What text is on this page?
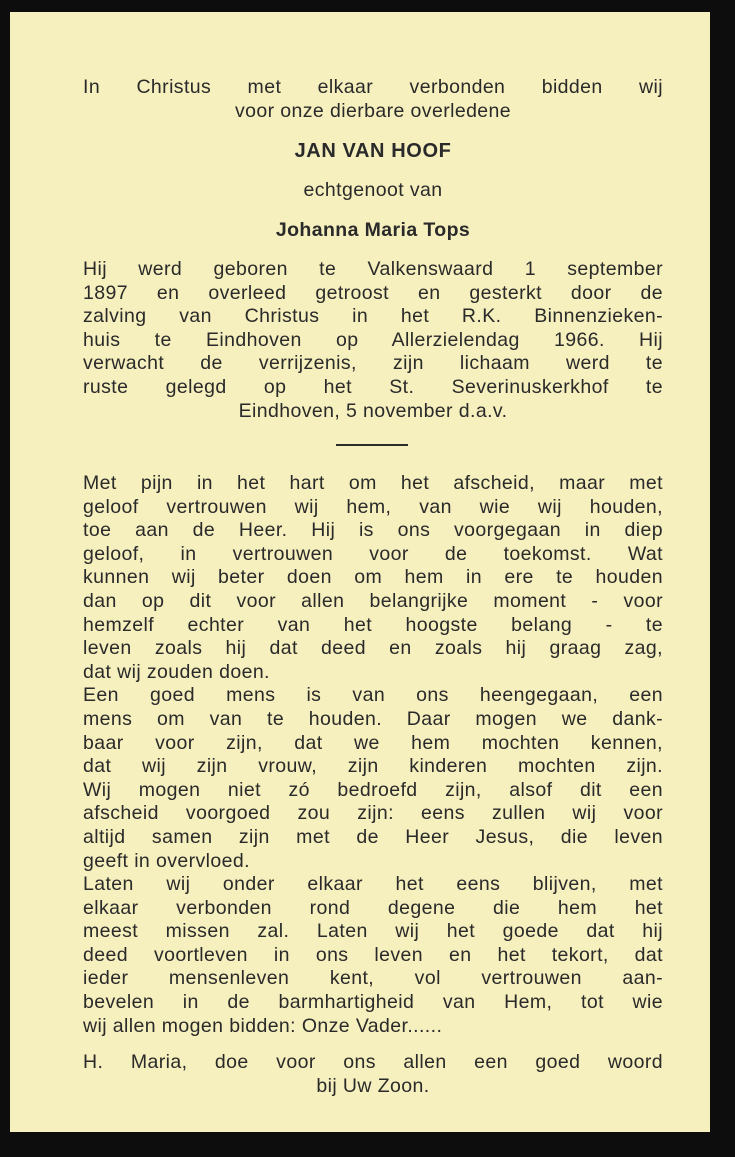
In Christus met elkaar verbonden bidden wij
voor onze dierbare overledene
JAN VAN HOOF
echtgenoot van
Johanna Maria Tops
Hij werd geboren te Valkenswaard 1 september
1897 en overleed getroost en gesterkt door de
zalving van Christus in het R.K. Binnenzieken-
huis te Eindhoven op Allerzielendag 1966. Hij
verwacht de verrijzenis, zijn lichaam werd te
ruste gelegd op het St. Severinuskerkhof te
Eindhoven, 5 november d.a.v.
Met pijn in het hart om het afscheid, maar met
geloof vertrouwen wij hem, van wie wij houden,
toe aan de Heer. Hij is ons voorgegaan in diep
geloof, in vertrouwen voor de toekomst. Wat
kunnen wij beter doen om hem in ere te houden
dan op dit voor allen belangrijke moment - voor
hemzelf echter van het hoogste belang - te
leven zoals hij dat deed en zoals hij graag zag,
dat wij zouden doen.
Een goed mens is van ons heengegaan, een
mens om van te houden. Daar mogen we dank-
baar voor zijn, dat we hem mochten kennen,
dat wij zijn vrouw, zijn kinderen mochten zijn.
Wij mogen niet zó bedroefd zijn, alsof dit een
afscheid voorgoed zou zijn: eens zullen wij voor
altijd samen zijn met de Heer Jesus, die leven
geeft in overvloed.
Laten wij onder elkaar het eens blijven, met
elkaar verbonden rond degene die hem het
meest missen zal. Laten wij het goede dat hij
deed voortleven in ons leven en het tekort, dat
ieder mensenleven kent, vol vertrouwen aan-
bevelen in de barmhartigheid van Hem, tot wie
wij allen mogen bidden: Onze Vader......
H. Maria, doe voor ons allen een goed woord
bij Uw Zoon.
